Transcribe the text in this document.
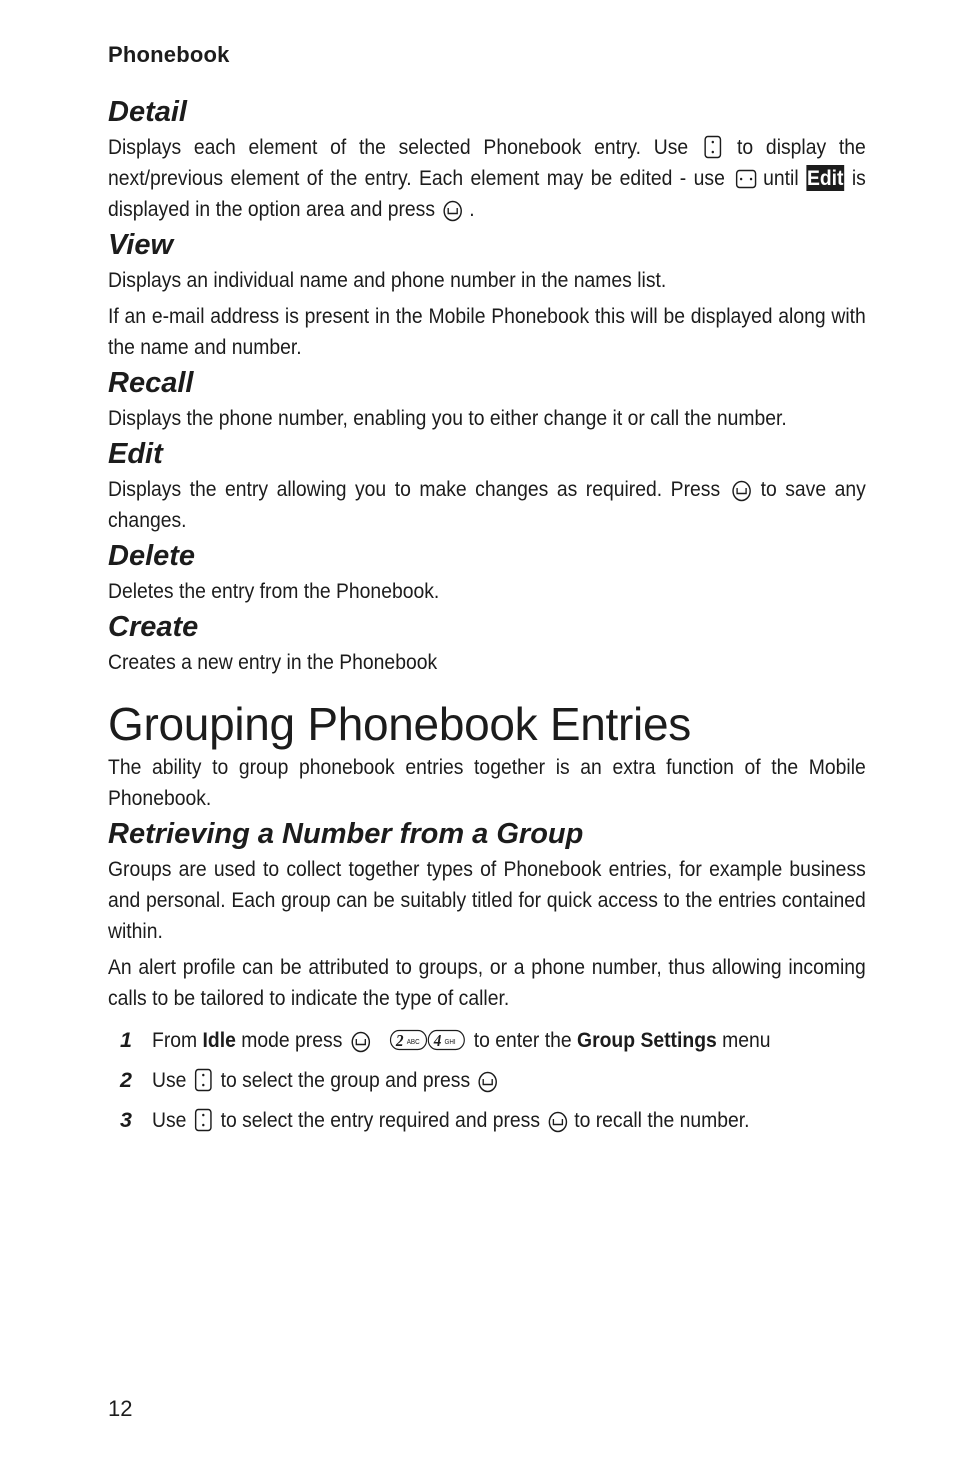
Phonebook
Detail

Displays each element of the selected Phonebook entry. Use to display the next/previous element of the entry. Each element may be edited - use until Edit is displayed in the option area and press .

View

Displays an individual name and phone number in the names list.

If an e-mail address is present in the Mobile Phonebook this will be displayed along with the name and number.

Recall

Displays the phone number, enabling you to either change it or call the number.

Edit

Displays the entry allowing you to make changes as required. Press to save any changes.

Delete

Deletes the entry from the Phonebook.

Create

Creates a new entry in the Phonebook

Grouping Phonebook Entries

The ability to group phonebook entries together is an extra function of the Mobile Phonebook.

Retrieving a Number from a Group

Groups are used to collect together types of Phonebook entries, for example business and personal. Each group can be suitably titled for quick access to the entries contained within.

An alert profile can be attributed to groups, or a phone number, thus allowing incoming calls to be tailored to indicate the type of caller.

1 From Idle mode press
	2 ABC 4 GHI to enter the Group Settings menu
2 Use to select the group and press
3 Use to select the entry required and press to recall the number.
12
